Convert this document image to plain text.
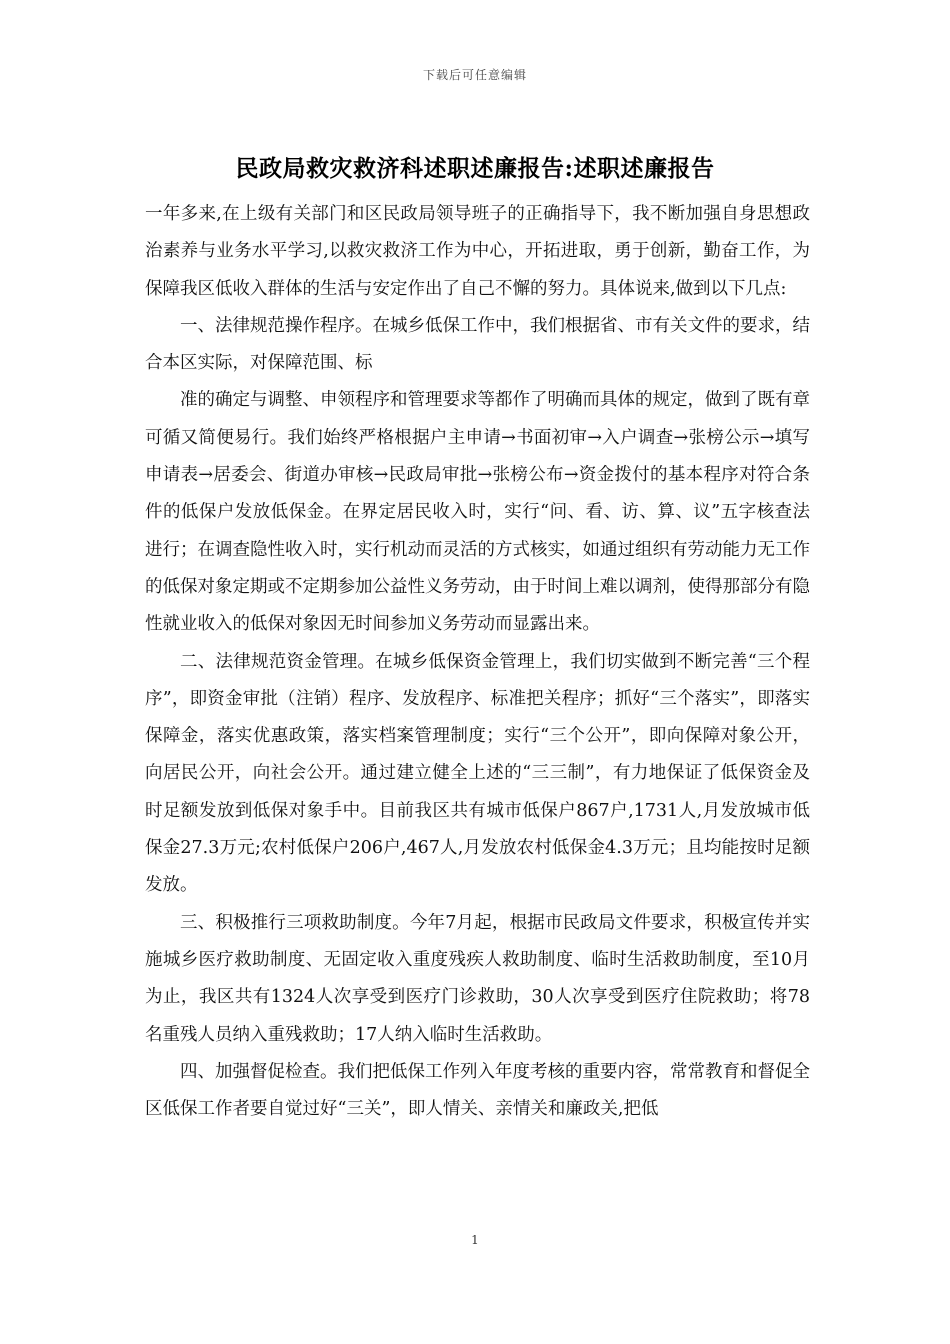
下载后可任意编辑
民政局救灾救济科述职述廉报告:述职述廉报告

一年多来,在上级有关部门和区民政局领导班子的正确指导下，我不断加强自身思想政治素养与业务水平学习,以救灾救济工作为中心，开拓进取，勇于创新，勤奋工作，为保障我区低收入群体的生活与安定作出了自己不懈的努力。具体说来,做到以下几点:

一、法律规范操作程序。在城乡低保工作中，我们根据省、市有关文件的要求，结合本区实际，对保障范围、标

准的确定与调整、申领程序和管理要求等都作了明确而具体的规定，做到了既有章可循又简便易行。我们始终严格根据户主申请→书面初审→入户调查→张榜公示→填写申请表→居委会、街道办审核→民政局审批→张榜公布→资金拨付的基本程序对符合条件的低保户发放低保金。在界定居民收入时，实行“问、看、访、算、议”五字核查法进行；在调查隐性收入时，实行机动而灵活的方式核实，如通过组织有劳动能力无工作的低保对象定期或不定期参加公益性义务劳动，由于时间上难以调剂，使得那部分有隐性就业收入的低保对象因无时间参加义务劳动而显露出来。

二、法律规范资金管理。在城乡低保资金管理上，我们切实做到不断完善“三个程序”，即资金审批（注销）程序、发放程序、标准把关程序；抓好“三个落实”，即落实保障金，落实优惠政策，落实档案管理制度；实行“三个公开”，即向保障对象公开，向居民公开，向社会公开。通过建立健全上述的“三三制”，有力地保证了低保资金及时足额发放到低保对象手中。目前我区共有城市低保户867户,1731人,月发放城市低保金27.3万元;农村低保户206户,467人,月发放农村低保金4.3万元；且均能按时足额发放。

三、积极推行三项救助制度。今年7月起，根据市民政局文件要求，积极宣传并实施城乡医疗救助制度、无固定收入重度残疾人救助制度、临时生活救助制度，至10月为止，我区共有1324人次享受到医疗门诊救助，30人次享受到医疗住院救助；将78名重残人员纳入重残救助；17人纳入临时生活救助。

四、加强督促检查。我们把低保工作列入年度考核的重要内容，常常教育和督促全区低保工作者要自觉过好“三关”，即人情关、亲情关和廉政关,把低

1
